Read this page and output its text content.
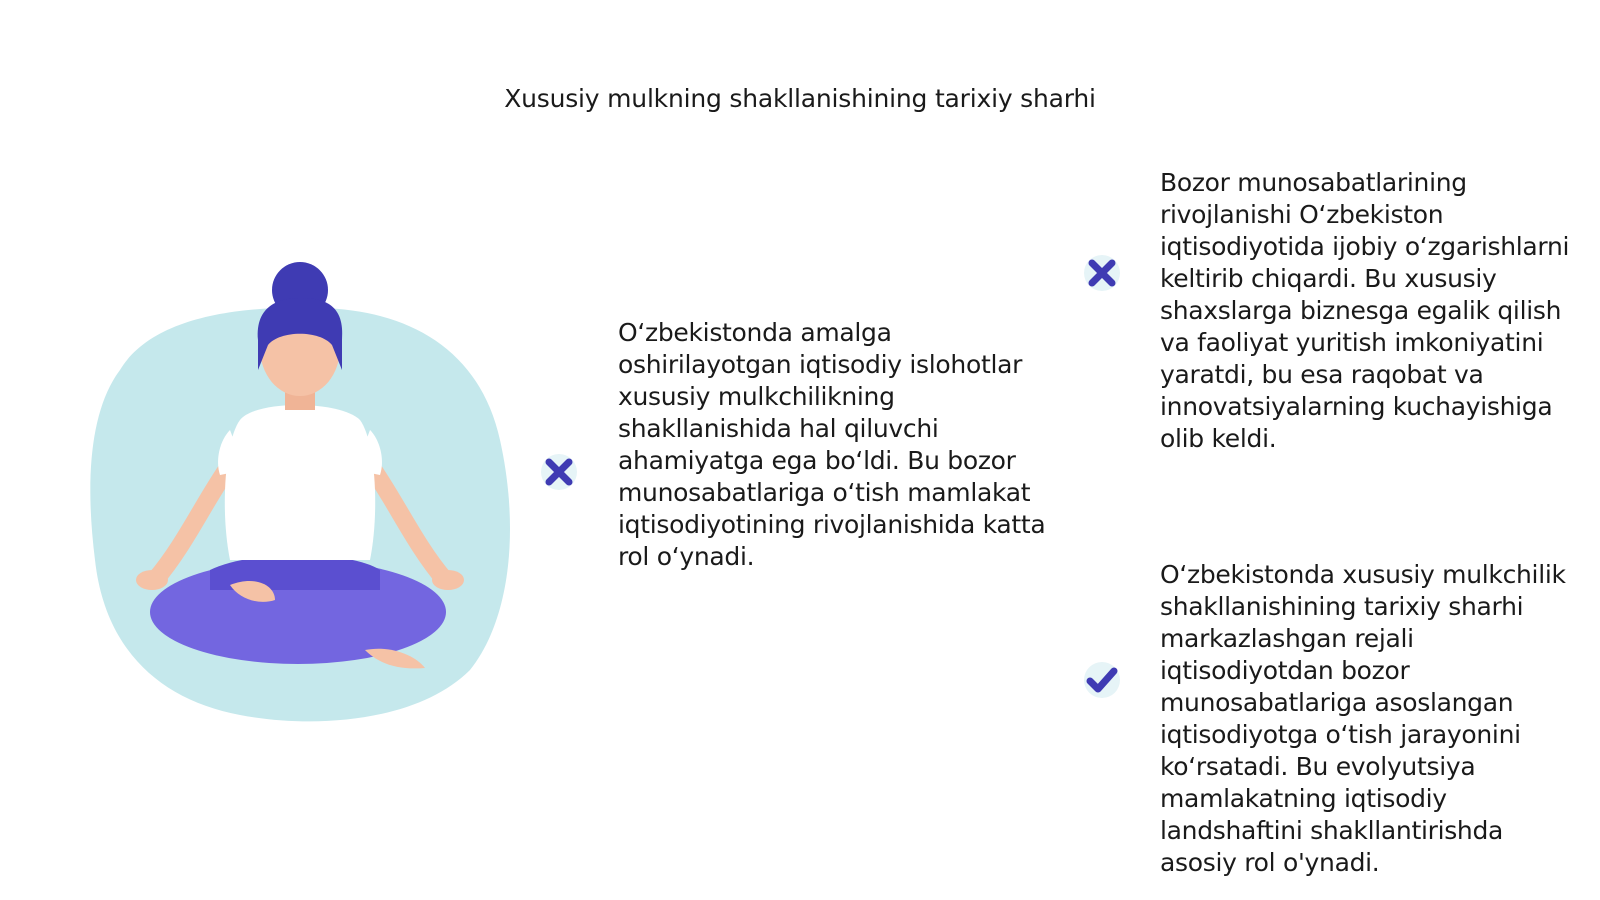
Xususiy mulkning shakllanishining tarixiy sharhi

O‘zbekistonda amalga oshirilayotgan iqtisodiy islohotlar xususiy mulkchilikning shakllanishida hal qiluvchi ahamiyatga ega bo‘ldi. Bu bozor munosabatlariga o‘tish mamlakat iqtisodiyotining rivojlanishida katta rol o‘ynadi.

Bozor munosabatlarining rivojlanishi O‘zbekiston iqtisodiyotida ijobiy o‘zgarishlarni keltirib chiqardi. Bu xususiy shaxslarga biznesga egalik qilish va faoliyat yuritish imkoniyatini yaratdi, bu esa raqobat va innovatsiyalarning kuchayishiga olib keldi.

O‘zbekistonda xususiy mulkchilik shakllanishining tarixiy sharhi markazlashgan rejali iqtisodiyotdan bozor munosabatlariga asoslangan iqtisodiyotga o‘tish jarayonini ko‘rsatadi. Bu evolyutsiya mamlakatning iqtisodiy landshaftini shakllantirishda asosiy rol o'ynadi.
